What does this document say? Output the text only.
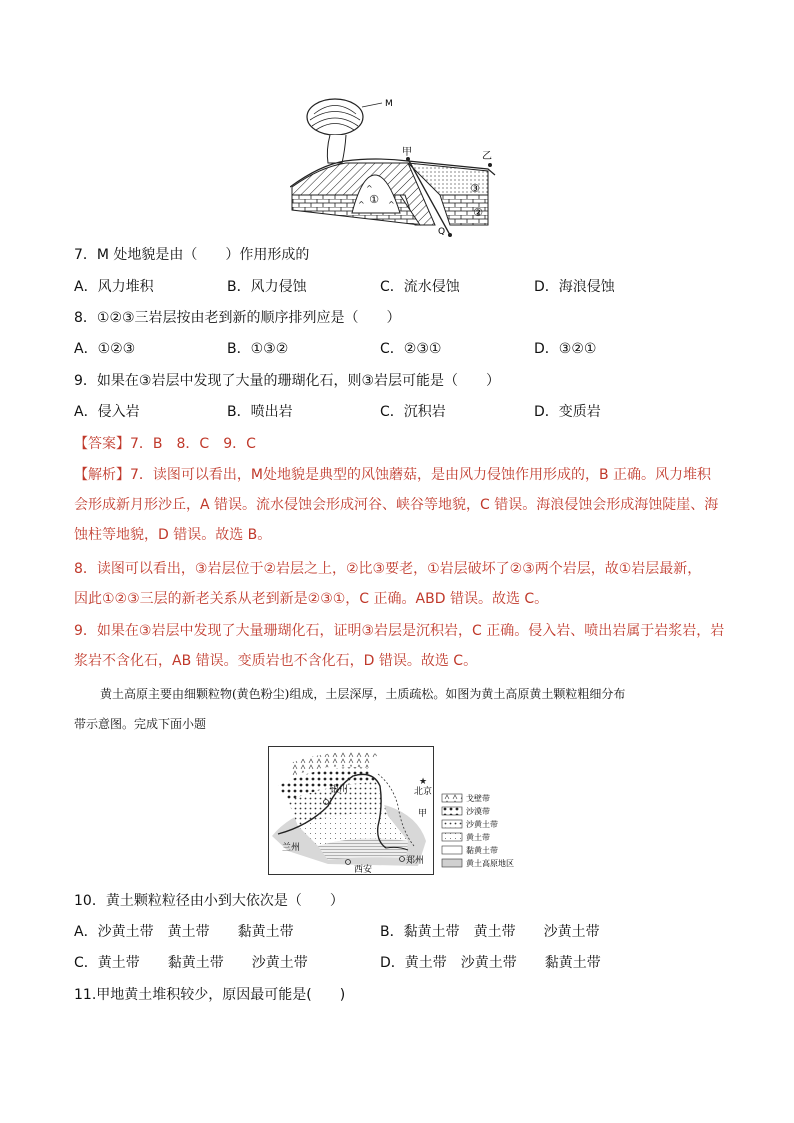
①
^	^
^	③
②
M
甲	乙
Q
7．M 处地貌是由（　　）作用形成的
A．风力堆积	B．风力侵蚀	C．流水侵蚀	D．海浪侵蚀
8．①②③三岩层按由老到新的顺序排列应是（　　）
A．①②③	B．①③②	C．②③①	D．③②①
9．如果在③岩层中发现了大量的珊瑚化石，则③岩层可能是（　　）
A．侵入岩	B．喷出岩	C．沉积岩	D．变质岩
【答案】7．B　8．C　9．C
【解析】7．读图可以看出，M处地貌是典型的风蚀蘑菇，是由风力侵蚀作用形成的，B 正确。风力堆积
会形成新月形沙丘，A 错误。流水侵蚀会形成河谷、峡谷等地貌，C 错误。海浪侵蚀会形成海蚀陡崖、海
蚀柱等地貌，D 错误。故选 B。
8．读图可以看出，③岩层位于②岩层之上，②比③要老，①岩层破坏了②③两个岩层，故①岩层最新，
因此①②③三层的新老关系从老到新是②③①，C 正确。ABD 错误。故选 C。
9．如果在③岩层中发现了大量珊瑚化石，证明③岩层是沉积岩，C 正确。侵入岩、喷出岩属于岩浆岩，岩
浆岩不含化石，AB 错误。变质岩也不含化石，D 错误。故选 C。
黄土高原主要由细颗粒物(黄色粉尘)组成，土层深厚，土质疏松。如图为黄土高原黄土颗粒粗细分布
带示意图。完成下面小题
银川
★
北京
甲
兰州
西安
郑州
戈壁带
沙漠带
沙黄土带
黄土带
黏黄土带
黄土高原地区
10．黄土颗粒粒径由小到大依次是（　　）
A．沙黄土带　黄土带　　黏黄土带	B．黏黄土带　黄土带　　沙黄土带
C．黄土带　　黏黄土带　　沙黄土带	D．黄土带　沙黄土带　　黏黄土带
11.甲地黄土堆积较少，原因最可能是(　　)
